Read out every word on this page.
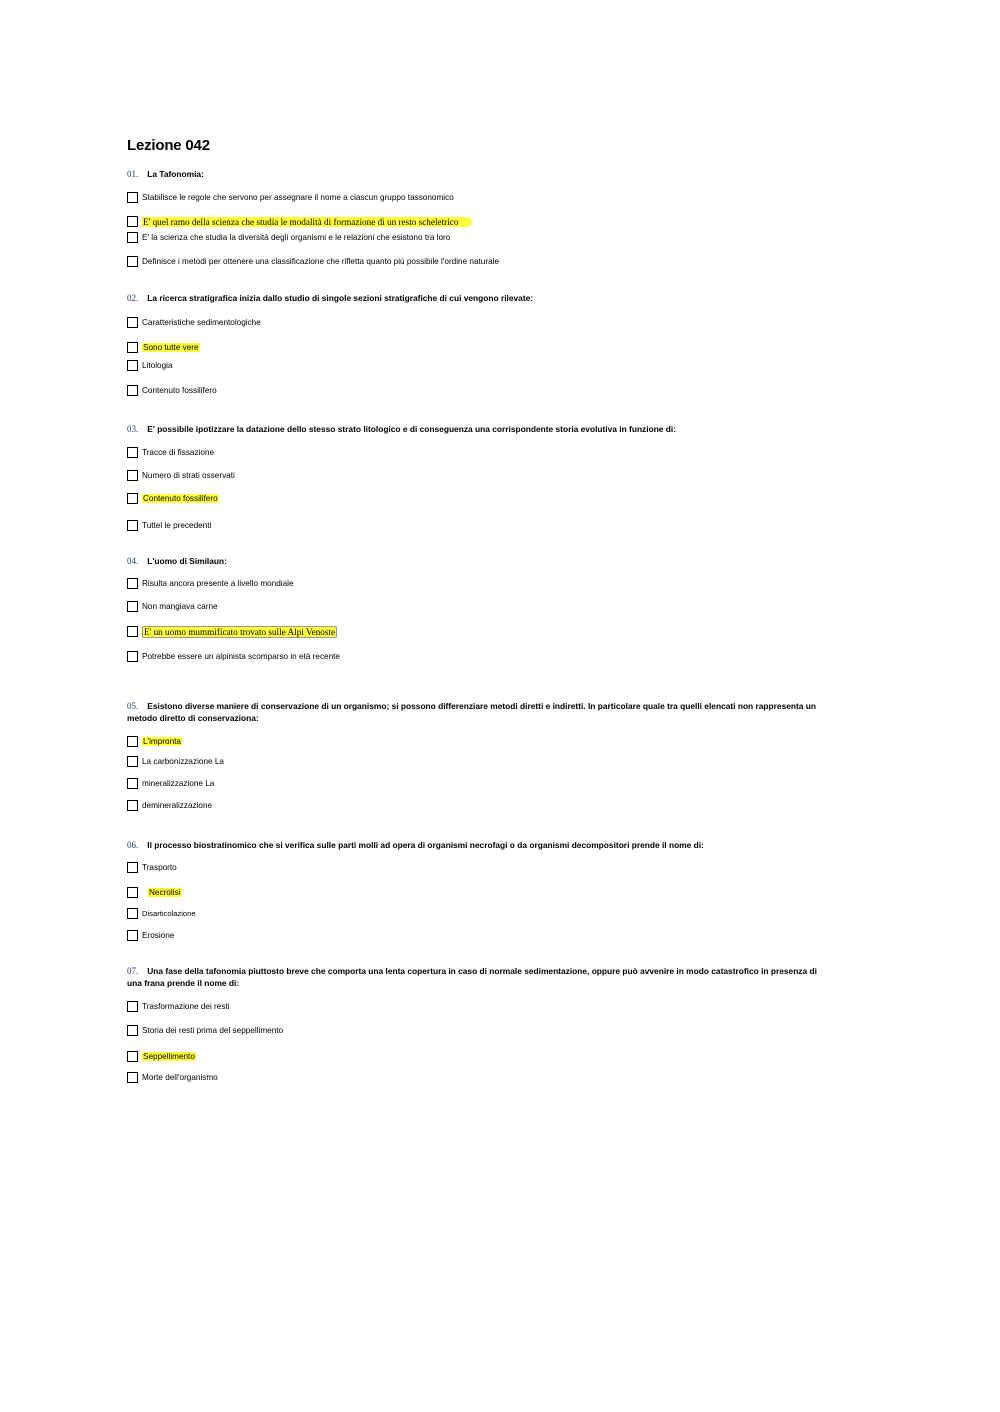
Lezione 042
01. La Tafonomia:
Stabilisce le regole che servono per assegnare il nome a ciascun gruppo tassonomico
E' quel ramo della scienza che studia le modalità di formazione di un resto scheletrico
E' la scienza che studia la diversità degli organismi e le relazioni che esistono tra loro
Definisce i metodi per ottenere una classificazione che rifletta quanto più possibile l'ordine naturale
02. La ricerca stratigrafica inizia dallo studio di singole sezioni stratigrafiche di cui vengono rilevate:
Caratteristiche sedimentologiche
Sono tutte vere
Litologia
Contenuto fossilifero
03. E' possibile ipotizzare la datazione dello stesso strato litologico e di conseguenza una corrispondente storia evolutiva in funzione di:
Tracce di fissazione
Numero di strati osservati
Contenuto fossilifero
Tuttel le precedenti
04. L'uomo di Similaun:
Risulta ancora presente a livello mondiale
Non mangiava carne
E' un uomo mummificato trovato sulle Alpi Venoste
Potrebbe essere un alpinista scomparso in età recente
05. Esistono diverse maniere di conservazione di un organismo; si possono differenziare metodi diretti e indiretti. In particolare quale tra quelli elencati non rappresenta un metodo diretto di conservaziona:
L'impronta
La carbonizzazione La
mineralizzazione La
demineralizzazione
06. Il processo biostratinomico che si verifica sulle parti molli ad opera di organismi necrofagi o da organismi decompositori prende il nome di:
Trasporto
Necrolisi
Disarticolazione
Erosione
07. Una fase della tafonomia piuttosto breve che comporta una lenta copertura in caso di normale sedimentazione, oppure può avvenire in modo catastrofico in presenza di una frana prende il nome di:
Trasformazione dei resti
Storia dei resti prima del seppellimento
Seppellimento
Morte dell'organismo
